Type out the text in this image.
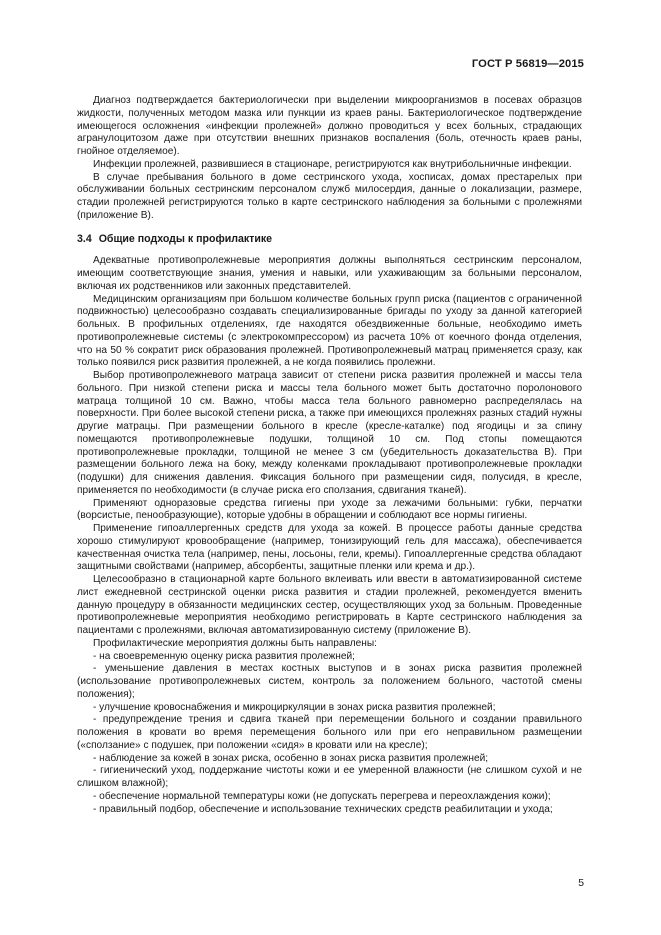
ГОСТ Р 56819—2015

Диагноз подтверждается бактериологически при выделении микроорганизмов в посевах образцов жидкости, полученных методом мазка или пункции из краев раны. Бактериологическое подтверждение имеющегося осложнения «инфекции пролежней» должно проводиться у всех больных, страдающих агранулоцитозом даже при отсутствии внешних признаков воспаления (боль, отечность краев раны, гнойное отделяемое).

Инфекции пролежней, развившиеся в стационаре, регистрируются как внутрибольничные инфекции.

В случае пребывания больного в доме сестринского ухода, хосписах, домах престарелых при обслуживании больных сестринским персоналом служб милосердия, данные о локализации, размере, стадии пролежней регистрируются только в карте сестринского наблюдения за больными с пролежнями (приложение В).

3.4 Общие подходы к профилактике

Адекватные противопролежневые мероприятия должны выполняться сестринским персоналом, имеющим соответствующие знания, умения и навыки, или ухаживающим за больными персоналом, включая их родственников или законных представителей.

Медицинским организациям при большом количестве больных групп риска (пациентов с ограниченной подвижностью) целесообразно создавать специализированные бригады по уходу за данной категорией больных. В профильных отделениях, где находятся обездвиженные больные, необходимо иметь противопролежневые системы (с электрокомпрессором) из расчета 10% от коечного фонда отделения, что на 50 % сократит риск образования пролежней. Противопролежневый матрац применяется сразу, как только появился риск развития пролежней, а не когда появились пролежни.

Выбор противопролежневого матраца зависит от степени риска развития пролежней и массы тела больного. При низкой степени риска и массы тела больного может быть достаточно поролонового матраца толщиной 10 см. Важно, чтобы масса тела больного равномерно распределялась на поверхности. При более высокой степени риска, а также при имеющихся пролежнях разных стадий нужны другие матрацы. При размещении больного в кресле (кресле-каталке) под ягодицы и за спину помещаются противопролежневые подушки, толщиной 10 см. Под стопы помещаются противопролежневые прокладки, толщиной не менее 3 см (убедительность доказательства В). При размещении больного лежа на боку, между коленками прокладывают противопролежневые прокладки (подушки) для снижения давления. Фиксация больного при размещении сидя, полусидя, в кресле, применяется по необходимости (в случае риска его сползания, сдвигания тканей).

Применяют одноразовые средства гигиены при уходе за лежачими больными: губки, перчатки (ворсистые, пенообразующие), которые удобны в обращении и соблюдают все нормы гигиены.

Применение гипоаллергенных средств для ухода за кожей. В процессе работы данные средства хорошо стимулируют кровообращение (например, тонизирующий гель для массажа), обеспечивается качественная очистка тела (например, пены, лосьоны, гели, кремы). Гипоаллергенные средства обладают защитными свойствами (например, абсорбенты, защитные пленки или крема и др.).

Целесообразно в стационарной карте больного вклеивать или ввести в автоматизированной системе лист ежедневной сестринской оценки риска развития и стадии пролежней, рекомендуется вменить данную процедуру в обязанности медицинских сестер, осуществляющих уход за больным. Проведенные противопролежневые мероприятия необходимо регистрировать в Карте сестринского наблюдения за пациентами с пролежнями, включая автоматизированную систему (приложение В).

Профилактические мероприятия должны быть направлены:

- на своевременную оценку риска развития пролежней;

- уменьшение давления в местах костных выступов и в зонах риска развития пролежней (использование противопролежневых систем, контроль за положением больного, частотой смены положения);

- улучшение кровоснабжения и микроциркуляции в зонах риска развития пролежней;

- предупреждение трения и сдвига тканей при перемещении больного и создании правильного положения в кровати во время перемещения больного или при его неправильном размещении («сползание» с подушек, при положении «сидя» в кровати или на кресле);

- наблюдение за кожей в зонах риска, особенно в зонах риска развития пролежней;

- гигиенический уход, поддержание чистоты кожи и ее умеренной влажности (не слишком сухой и не слишком влажной);

- обеспечение нормальной температуры кожи (не допускать перегрева и переохлаждения кожи);

- правильный подбор, обеспечение и использование технических средств реабилитации и ухода;

5
